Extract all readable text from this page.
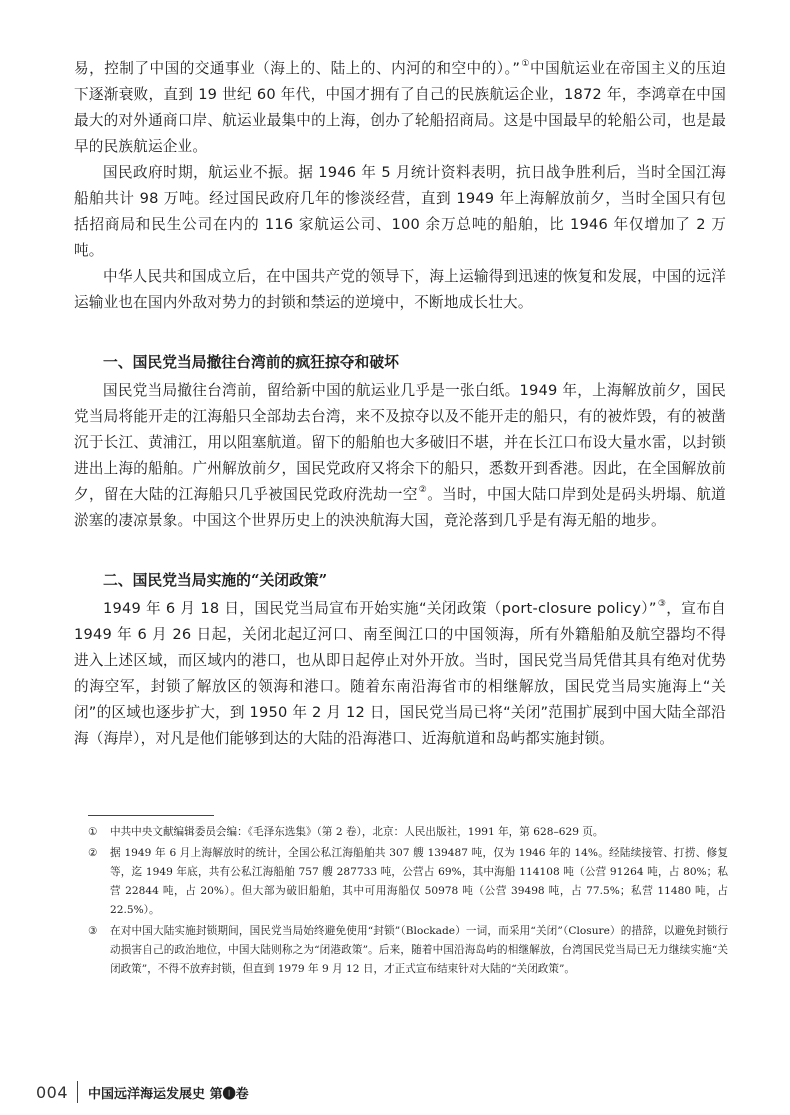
易，控制了中国的交通事业（海上的、陆上的、内河的和空中的）。”①中国航运业在帝国主义的压迫下逐渐衰败，直到 19 世纪 60 年代，中国才拥有了自己的民族航运企业，1872 年，李鸿章在中国最大的对外通商口岸、航运业最集中的上海，创办了轮船招商局。这是中国最早的轮船公司，也是最早的民族航运企业。

国民政府时期，航运业不振。据 1946 年 5 月统计资料表明，抗日战争胜利后，当时全国江海船舶共计 98 万吨。经过国民政府几年的惨淡经营，直到 1949 年上海解放前夕，当时全国只有包括招商局和民生公司在内的 116 家航运公司、100 余万总吨的船舶，比 1946 年仅增加了 2 万吨。

中华人民共和国成立后，在中国共产党的领导下，海上运输得到迅速的恢复和发展，中国的远洋运输业也在国内外敌对势力的封锁和禁运的逆境中，不断地成长壮大。

一、国民党当局撤往台湾前的疯狂掠夺和破坏

国民党当局撤往台湾前，留给新中国的航运业几乎是一张白纸。1949 年，上海解放前夕，国民党当局将能开走的江海船只全部劫去台湾，来不及掠夺以及不能开走的船只，有的被炸毁，有的被凿沉于长江、黄浦江，用以阻塞航道。留下的船舶也大多破旧不堪，并在长江口布设大量水雷，以封锁进出上海的船舶。广州解放前夕，国民党政府又将余下的船只，悉数开到香港。因此，在全国解放前夕，留在大陆的江海船只几乎被国民党政府洗劫一空②。当时，中国大陆口岸到处是码头坍塌、航道淤塞的凄凉景象。中国这个世界历史上的泱泱航海大国，竟沦落到几乎是有海无船的地步。

二、国民党当局实施的“关闭政策”

1949 年 6 月 18 日，国民党当局宣布开始实施“关闭政策（port-closure policy）”③，宣布自 1949 年 6 月 26 日起，关闭北起辽河口、南至闽江口的中国领海，所有外籍船舶及航空器均不得进入上述区域，而区域内的港口，也从即日起停止对外开放。当时，国民党当局凭借其具有绝对优势的海空军，封锁了解放区的领海和港口。随着东南沿海省市的相继解放，国民党当局实施海上“关闭”的区域也逐步扩大，到 1950 年 2 月 12 日，国民党当局已将“关闭”范围扩展到中国大陆全部沿海（海岸），对凡是他们能够到达的大陆的沿海港口、近海航道和岛屿都实施封锁。

①	中共中央文献编辑委员会编：《毛泽东选集》（第 2 卷），北京：人民出版社，1991 年，第 628–629 页。
②	据 1949 年 6 月上海解放时的统计，全国公私江海船舶共 307 艘 139487 吨，仅为 1946 年的 14%。经陆续接管、打捞、修复等，迄 1949 年底，共有公私江海船舶 757 艘 287733 吨，公营占 69%，其中海船 114108 吨（公营 91264 吨，占 80%；私营 22844 吨，占 20%）。但大部为破旧船舶，其中可用海船仅 50978 吨（公营 39498 吨，占 77.5%；私营 11480 吨，占 22.5%）。
③	在对中国大陆实施封锁期间，国民党当局始终避免使用“封锁”（Blockade）一词，而采用“关闭”（Closure）的措辞，以避免封锁行动损害自己的政治地位，中国大陆则称之为“闭港政策”。后来，随着中国沿海岛屿的相继解放，台湾国民党当局已无力继续实施“关闭政策”，不得不放弃封锁，但直到 1979 年 9 月 12 日，才正式宣布结束针对大陆的“关闭政策”。
004 中国远洋海运发展史 第❶卷
